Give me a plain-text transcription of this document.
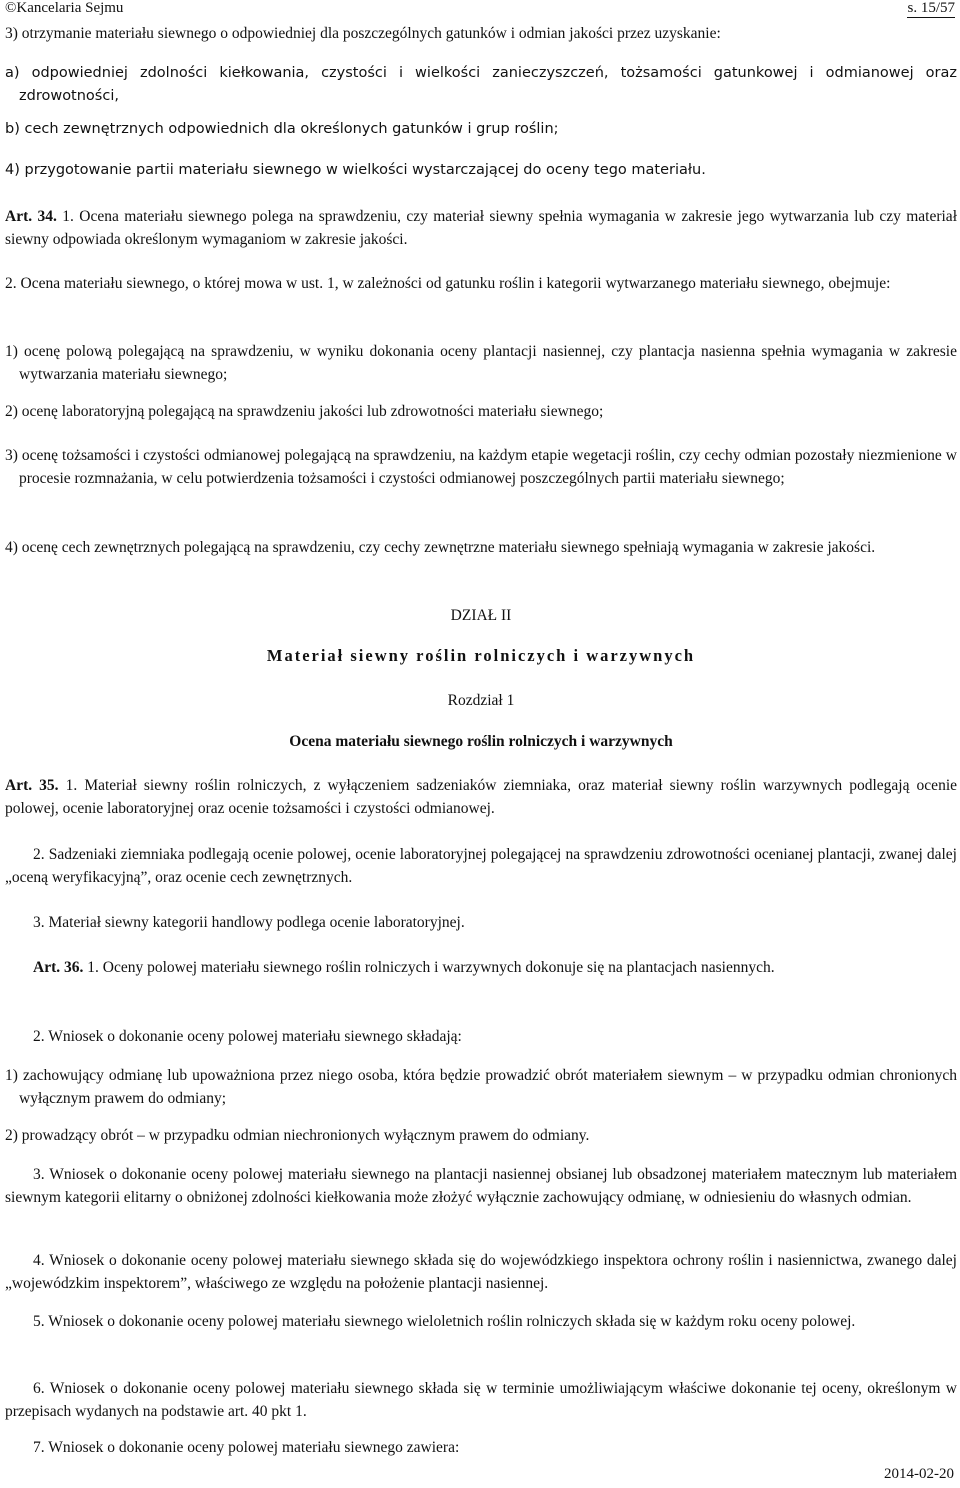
©Kancelaria Sejmu	s. 15/57

3) otrzymanie materiału siewnego o odpowiedniej dla poszczególnych gatunków i odmian jakości przez uzyskanie:

a) odpowiedniej zdolności kiełkowania, czystości i wielkości zanieczyszczeń, tożsamości gatunkowej i odmianowej oraz zdrowotności,

b) cech zewnętrznych odpowiednich dla określonych gatunków i grup roślin;

4) przygotowanie partii materiału siewnego w wielkości wystarczającej do oceny tego materiału.

Art. 34. 1. Ocena materiału siewnego polega na sprawdzeniu, czy materiał siewny spełnia wymagania w zakresie jego wytwarzania lub czy materiał siewny odpowiada określonym wymaganiom w zakresie jakości.

2. Ocena materiału siewnego, o której mowa w ust. 1, w zależności od gatunku roślin i kategorii wytwarzanego materiału siewnego, obejmuje:

1) ocenę polową polegającą na sprawdzeniu, w wyniku dokonania oceny plantacji nasiennej, czy plantacja nasienna spełnia wymagania w zakresie wytwarzania materiału siewnego;

2) ocenę laboratoryjną polegającą na sprawdzeniu jakości lub zdrowotności materiału siewnego;

3) ocenę tożsamości i czystości odmianowej polegającą na sprawdzeniu, na każdym etapie wegetacji roślin, czy cechy odmian pozostały niezmienione w procesie rozmnażania, w celu potwierdzenia tożsamości i czystości odmianowej poszczególnych partii materiału siewnego;

4) ocenę cech zewnętrznych polegającą na sprawdzeniu, czy cechy zewnętrzne materiału siewnego spełniają wymagania w zakresie jakości.

DZIAŁ II

Materiał siewny roślin rolniczych i warzywnych

Rozdział 1

Ocena materiału siewnego roślin rolniczych i warzywnych

Art. 35. 1. Materiał siewny roślin rolniczych, z wyłączeniem sadzeniaków ziemniaka, oraz materiał siewny roślin warzywnych podlegają ocenie polowej, ocenie laboratoryjnej oraz ocenie tożsamości i czystości odmianowej.

2. Sadzeniaki ziemniaka podlegają ocenie polowej, ocenie laboratoryjnej polegającej na sprawdzeniu zdrowotności ocenianej plantacji, zwanej dalej „oceną weryfikacyjną”, oraz ocenie cech zewnętrznych.

3. Materiał siewny kategorii handlowy podlega ocenie laboratoryjnej.

Art. 36. 1. Oceny polowej materiału siewnego roślin rolniczych i warzywnych dokonuje się na plantacjach nasiennych.

2. Wniosek o dokonanie oceny polowej materiału siewnego składają:

1) zachowujący odmianę lub upoważniona przez niego osoba, która będzie prowadzić obrót materiałem siewnym – w przypadku odmian chronionych wyłącznym prawem do odmiany;

2) prowadzący obrót – w przypadku odmian niechronionych wyłącznym prawem do odmiany.

3. Wniosek o dokonanie oceny polowej materiału siewnego na plantacji nasiennej obsianej lub obsadzonej materiałem matecznym lub materiałem siewnym kategorii elitarny o obniżonej zdolności kiełkowania może złożyć wyłącznie zachowujący odmianę, w odniesieniu do własnych odmian.

4. Wniosek o dokonanie oceny polowej materiału siewnego składa się do wojewódzkiego inspektora ochrony roślin i nasiennictwa, zwanego dalej „wojewódzkim inspektorem”, właściwego ze względu na położenie plantacji nasiennej.

5. Wniosek o dokonanie oceny polowej materiału siewnego wieloletnich roślin rolniczych składa się w każdym roku oceny polowej.

6. Wniosek o dokonanie oceny polowej materiału siewnego składa się w terminie umożliwiającym właściwe dokonanie tej oceny, określonym w przepisach wydanych na podstawie art. 40 pkt 1.

7. Wniosek o dokonanie oceny polowej materiału siewnego zawiera:

2014-02-20
